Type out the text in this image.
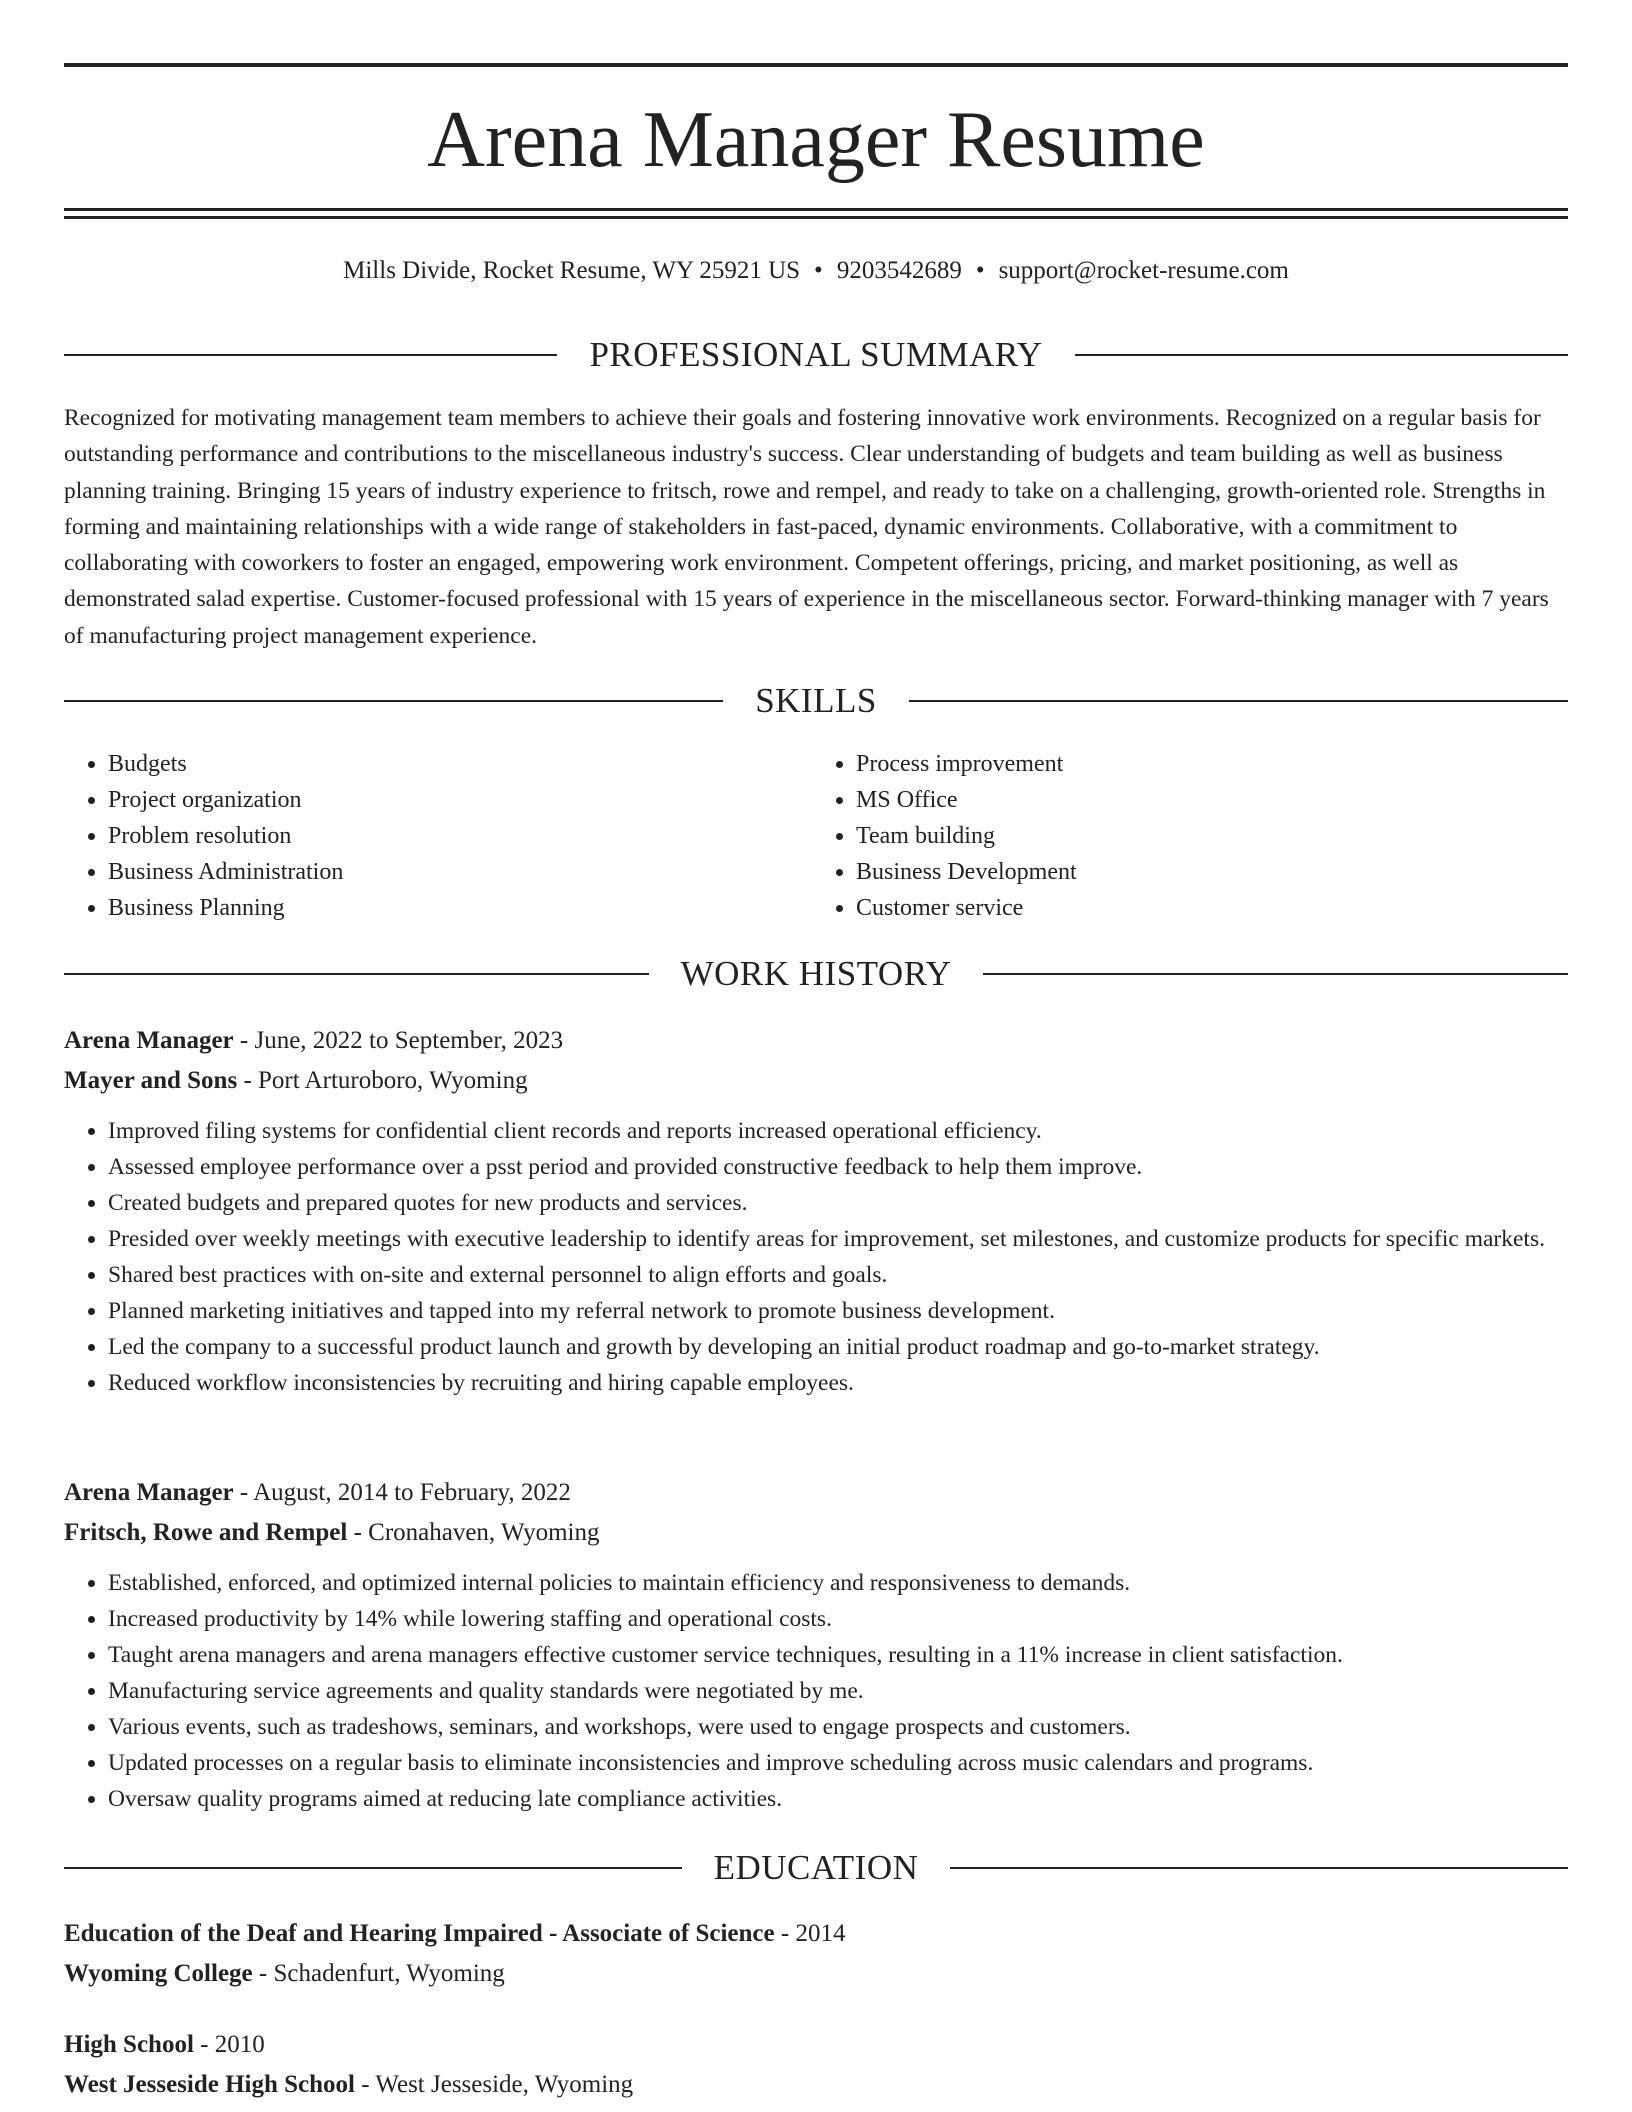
Arena Manager Resume
Mills Divide, Rocket Resume, WY 25921 US • 9203542689 • support@rocket-resume.com
PROFESSIONAL SUMMARY

Recognized for motivating management team members to achieve their goals and fostering innovative work environments. Recognized on a regular basis for outstanding performance and contributions to the miscellaneous industry's success. Clear understanding of budgets and team building as well as business planning training. Bringing 15 years of industry experience to fritsch, rowe and rempel, and ready to take on a challenging, growth-oriented role. Strengths in forming and maintaining relationships with a wide range of stakeholders in fast-paced, dynamic environments. Collaborative, with a commitment to collaborating with coworkers to foster an engaged, empowering work environment. Competent offerings, pricing, and market positioning, as well as demonstrated salad expertise. Customer-focused professional with 15 years of experience in the miscellaneous sector. Forward-thinking manager with 7 years of manufacturing project management experience.

SKILLS
• Budgets
• Project organization
• Problem resolution
• Business Administration
• Business Planning
• Process improvement
• MS Office
• Team building
• Business Development
• Customer service
WORK HISTORY
Arena Manager - June, 2022 to September, 2023
Mayer and Sons - Port Arturoboro, Wyoming
• Improved filing systems for confidential client records and reports increased operational efficiency.
• Assessed employee performance over a psst period and provided constructive feedback to help them improve.
• Created budgets and prepared quotes for new products and services.
• Presided over weekly meetings with executive leadership to identify areas for improvement, set milestones, and customize products for specific markets.
• Shared best practices with on-site and external personnel to align efforts and goals.
• Planned marketing initiatives and tapped into my referral network to promote business development.
• Led the company to a successful product launch and growth by developing an initial product roadmap and go-to-market strategy.
• Reduced workflow inconsistencies by recruiting and hiring capable employees.
Arena Manager - August, 2014 to February, 2022
Fritsch, Rowe and Rempel - Cronahaven, Wyoming
• Established, enforced, and optimized internal policies to maintain efficiency and responsiveness to demands.
• Increased productivity by 14% while lowering staffing and operational costs.
• Taught arena managers and arena managers effective customer service techniques, resulting in a 11% increase in client satisfaction.
• Manufacturing service agreements and quality standards were negotiated by me.
• Various events, such as tradeshows, seminars, and workshops, were used to engage prospects and customers.
• Updated processes on a regular basis to eliminate inconsistencies and improve scheduling across music calendars and programs.
• Oversaw quality programs aimed at reducing late compliance activities.
EDUCATION
Education of the Deaf and Hearing Impaired - Associate of Science - 2014
Wyoming College - Schadenfurt, Wyoming
High School - 2010
West Jesseside High School - West Jesseside, Wyoming
